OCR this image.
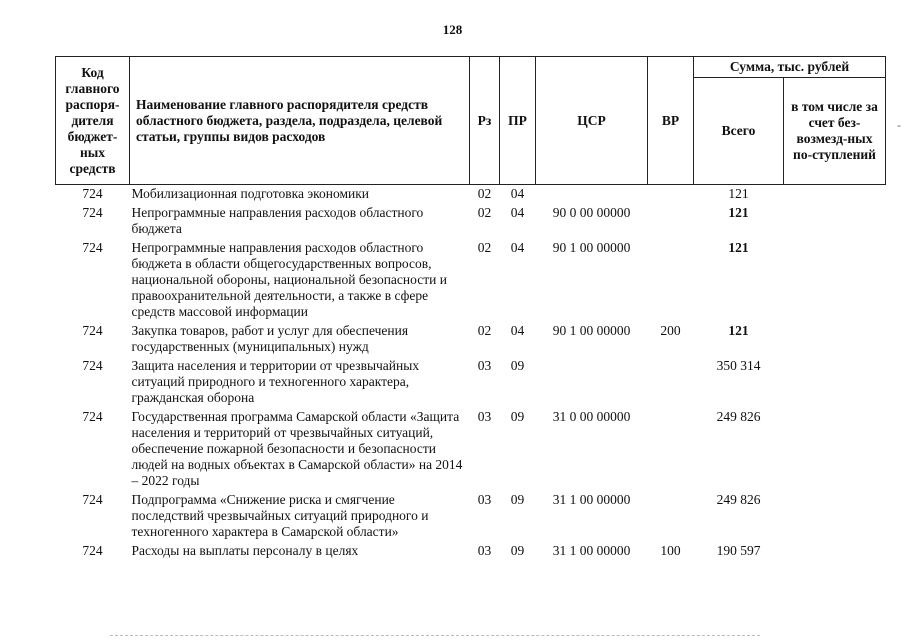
128
Код главного распоря-дителя бюджет-ных средств	Наименование главного распорядителя средств областного бюджета, раздела, подраздела, целевой статьи, группы видов расходов	Рз	ПР	ЦСР	ВР	Сумма, тыс. рублей	
						Всего	в том числе за счет без-возмезд-ных по-ступлений
724	Мобилизационная подготовка экономики	02	04			121	
724	Непрограммные направления расходов областного бюджета	02	04	90 0 00 00000		121	
724	Непрограммные направления расходов областного бюджета в области общегосударственных вопросов, национальной обороны, национальной безопасности и правоохранительной деятельности, а также в сфере средств массовой информации	02	04	90 1 00 00000		121	
724	Закупка товаров, работ и услуг для обеспечения государственных (муниципальных) нужд	02	04	90 1 00 00000	200	121	
724	Защита населения и территории от чрезвычайных ситуаций природного и техногенного характера, гражданская оборона	03	09			350 314	
724	Государственная программа Самарской области «Защита населения и территорий от чрезвычайных ситуаций, обеспечение пожарной безопасности и безопасности людей на водных объектах в Самарской области» на 2014 – 2022 годы	03	09	31 0 00 00000		249 826	
724	Подпрограмма «Снижение риска и смягчение последствий чрезвычайных ситуаций природного и техногенного характера в Самарской области»	03	09	31 1 00 00000		249 826	
724	Расходы на выплаты персоналу в целях	03	09	31 1 00 00000	100	190 597	
-
